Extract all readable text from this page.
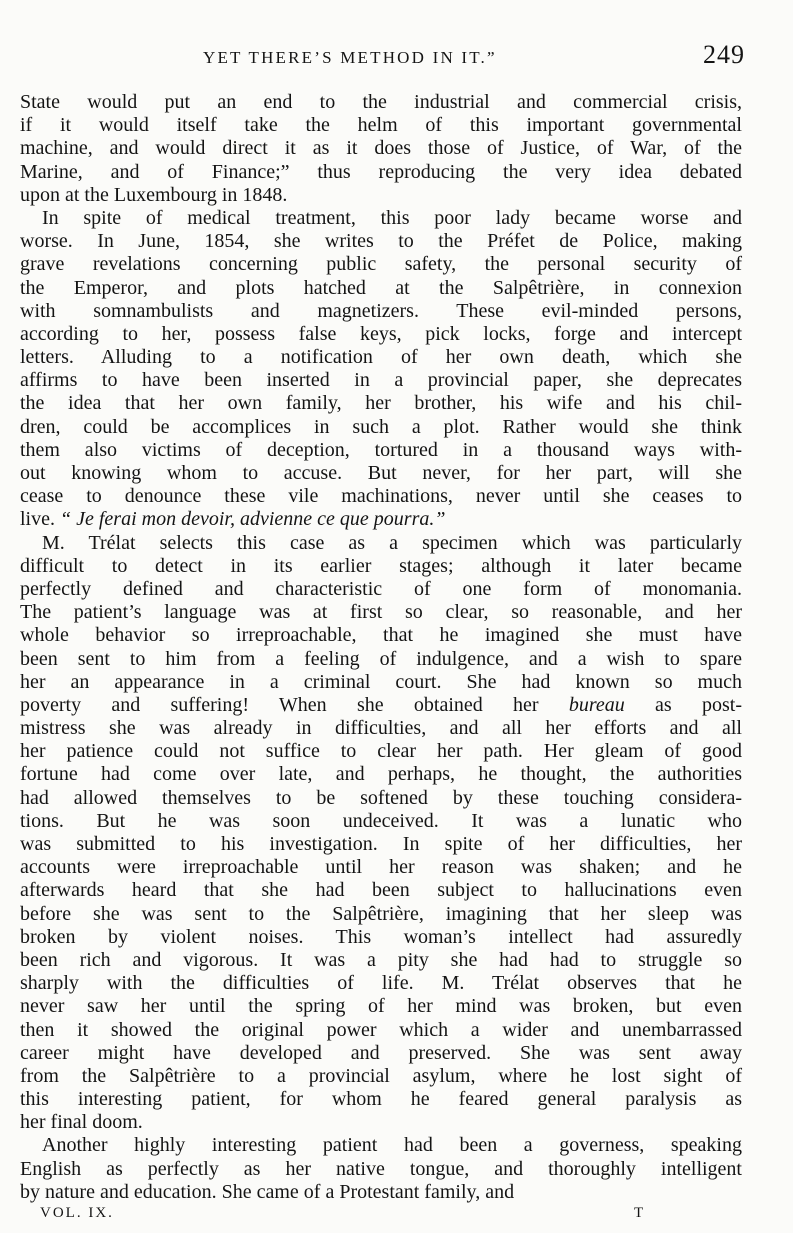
YET THERE’S METHOD IN IT.”	249
State would put an end to the industrial and commercial crisis,
if it would itself take the helm of this important governmental
machine, and would direct it as it does those of Justice, of War, of the
Marine, and of Finance;” thus reproducing the very idea debated
upon at the Luxembourg in 1848.
In spite of medical treatment, this poor lady became worse and
worse. In June, 1854, she writes to the Préfet de Police, making
grave revelations concerning public safety, the personal security of
the Emperor, and plots hatched at the Salpêtrière, in connexion
with somnambulists and magnetizers. These evil-minded persons,
according to her, possess false keys, pick locks, forge and intercept
letters. Alluding to a notification of her own death, which she
affirms to have been inserted in a provincial paper, she deprecates
the idea that her own family, her brother, his wife and his chil-
dren, could be accomplices in such a plot. Rather would she think
them also victims of deception, tortured in a thousand ways with-
out knowing whom to accuse. But never, for her part, will she
cease to denounce these vile machinations, never until she ceases to
live. “ Je ferai mon devoir, advienne ce que pourra.”
M. Trélat selects this case as a specimen which was particularly
difficult to detect in its earlier stages; although it later became
perfectly defined and characteristic of one form of monomania.
The patient’s language was at first so clear, so reasonable, and her
whole behavior so irreproachable, that he imagined she must have
been sent to him from a feeling of indulgence, and a wish to spare
her an appearance in a criminal court. She had known so much
poverty and suffering! When she obtained her bureau as post-
mistress she was already in difficulties, and all her efforts and all
her patience could not suffice to clear her path. Her gleam of good
fortune had come over late, and perhaps, he thought, the authorities
had allowed themselves to be softened by these touching considera-
tions. But he was soon undeceived. It was a lunatic who
was submitted to his investigation. In spite of her difficulties, her
accounts were irreproachable until her reason was shaken; and he
afterwards heard that she had been subject to hallucinations even
before she was sent to the Salpêtrière, imagining that her sleep was
broken by violent noises. This woman’s intellect had assuredly
been rich and vigorous. It was a pity she had had to struggle so
sharply with the difficulties of life. M. Trélat observes that he
never saw her until the spring of her mind was broken, but even
then it showed the original power which a wider and unembarrassed
career might have developed and preserved. She was sent away
from the Salpêtrière to a provincial asylum, where he lost sight of
this interesting patient, for whom he feared general paralysis as
her final doom.
Another highly interesting patient had been a governess, speaking
English as perfectly as her native tongue, and thoroughly intelligent
by nature and education. She came of a Protestant family, and
VOL. IX.	T
